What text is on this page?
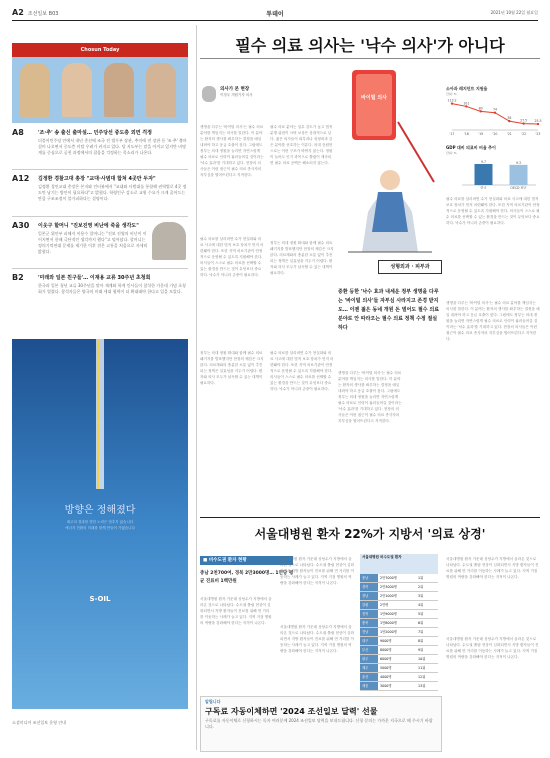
A2 조선일보 B03	투데이	2021년 10월 22일 월요일
Chosun Today
A8	'조·추' 송 출신 출마설… 민주당선 중도층 외면 걱정
더불어민주당 안에서 내년 총선에 조국 전 법무부 장관, 추미애 전 장관 등 '조·추' 출마설이 나오면서 중도층 이탈 우려가 커지고 있다. 당 지도부는 말을 아끼고 있지만 비명계를 중심으로 공천 과정에서의 잡음을 걱정하는 목소리가 나온다.
A12 김정환 경찰고대 총장 "교대·사범대 합쳐 4곳만 두자"
김정환 경인교대 총장은 본지와 인터뷰에서 "교대와 사범대를 통합해 권역별로 4곳 정도만 남기는 방안이 필요하다"고 밝혔다. 학령인구 감소로 교원 수요가 크게 줄어드는 만큼 구조조정이 불가피하다는 설명이다.
A30 이웃구 할머니 "진보진영 비난에 죽을 생각도"
일본군 위안부 피해자 이용수 할머니는 "진보 진영의 비난이 이어지면서 한때 극단적인 생각까지 했다"고 털어놨다. 할머니는 정의기억연대 문제를 제기한 이후 겪은 고통을 처음으로 자세히 밝혔다.
B2	'미래와 일본 친구들'… 이재용 교류 30주년 초청회
한국과 일본 청년 교류 30주년을 맞아 재계와 학계 인사들이 참석한 가운데 기념 초청회가 열렸다. 참석자들은 양국의 미래 세대 협력이 더 확대돼야 한다고 입을 모았다.
방향은 정해졌다
최고의 결과를 향한 노력은 멈추지 않습니다
에너지 전환의 미래를 함께 만들어 가겠습니다
S-OIL
소셜미디어 조선일보 운영 안내
필수 의료 의사는 '낙수 의사'가 아니다
의사가 본 현장
이정우 객원기자 의사
생명을 다루는 '바이털 의사'는 필수 의료 분야를 책임지는 의사를 말한다. 이 분야는 환자의 생사를 좌우하는 결정을 매일 내려야 하고 응급 호출이 잦다. 그럼에도 정부는 의대 정원을 늘리면 자연스럽게 필수 의료로 인력이 흘러들어갈 것이라는 '낙수 효과'를 기대하고 있다. 현장의 의사들은 이런 접근이 필수 의료 종사자의 자부심을 떨어뜨린다고 지적한다.
필수 의료 분야는 업무 강도가 높고 법적 분쟁 위험이 크며 보상은 상대적으로 낮다. 젊은 의사들이 피부과나 성형외과 같은 분야를 선호하는 이유다. 의대 증원만으로는 이런 구조가 바뀌지 않는다. 정원이 늘어도 인기 과목으로 쏠림이 계속되면 필수 의료 공백은 해소되지 않는다.
필수 의료를 살리려면 수가 현실화와 의료 사고에 대한 법적 보호 장치가 먼저 마련돼야 한다. 또한 지역 의료기관이 안정적으로 운영될 수 있도록 지원해야 한다. 의사들이 스스로 필수 의료를 선택할 수 있는 환경을 만드는 것이 무엇보다 중요하다. 낙수가 아니라 존중이 필요하다.
정부는 의대 정원 확대와 함께 필수 의료 패키지를 발표했지만 현장의 체감은 크지 않다. 의료계와의 충분한 소통 없이 추진되는 정책은 실효성을 거두기 어렵다. 환자와 의사 모두가 납득할 수 있는 대책이 필요하다.
정부는 의대 정원 확대와 함께 필수 의료 패키지를 발표했지만 현장의 체감은 크지 않다. 의료계와의 충분한 소통 없이 추진되는 정책은 실효성을 거두기 어렵다. 환자와 의사 모두가 납득할 수 있는 대책이 필요하다.
필수 의료를 살리려면 수가 현실화와 의료 사고에 대한 법적 보호 장치가 먼저 마련돼야 한다. 또한 지역 의료기관이 안정적으로 운영될 수 있도록 지원해야 한다. 의사들이 스스로 필수 의료를 선택할 수 있는 환경을 만드는 것이 무엇보다 중요하다. 낙수가 아니라 존중이 필요하다.
생명을 다루는 '바이털 의사'는 필수 의료 분야를 책임지는 의사를 말한다. 이 분야는 환자의 생사를 좌우하는 결정을 매일 내려야 하고 응급 호출이 잦다. 그럼에도 정부는 의대 정원을 늘리면 자연스럽게 필수 의료로 인력이 흘러들어갈 것이라는 '낙수 효과'를 기대하고 있다. 현장의 의사들은 이런 접근이 필수 의료 종사자의 자부심을 떨어뜨린다고 지적한다.
필수 의료를 살리려면 수가 현실화와 의료 사고에 대한 법적 보호 장치가 먼저 마련돼야 한다. 또한 지역 의료기관이 안정적으로 운영될 수 있도록 지원해야 한다. 의사들이 스스로 필수 의료를 선택할 수 있는 환경을 만드는 것이 무엇보다 중요하다. 낙수가 아니라 존중이 필요하다.
생명을 다루는 '바이털 의사'는 필수 의료 분야를 책임지는 의사를 말한다. 이 분야는 환자의 생사를 좌우하는 결정을 매일 내려야 하고 응급 호출이 잦다. 그럼에도 정부는 의대 정원을 늘리면 자연스럽게 필수 의료로 인력이 흘러들어갈 것이라는 '낙수 효과'를 기대하고 있다. 현장의 의사들은 이런 접근이 필수 의료 종사자의 자부심을 떨어뜨린다고 지적한다.
중환 등한 '낙수 효과 내세운 정부 생명을 다루는 '바이털 의사'들 자부심 사라지고 존경 받지도… 이젠 젊은 동네 개원 돈 벌어도 필수 의료 분야로 안 따라오는 필수 의료 정책 수정 절실하다
바이털 의사
성형외과 · 피부과
소아과 레지던트 지원율
단위: %
113.2
'17
101
'18
80
'19
74
'20
38
'21
27.5
'22
25.5
'23
GDP 대비 의료비 비율 추이
단위: %
9.7
한국
9.3
OECD 평균
서울대병원 환자 22%가 지방서 '의료 상경'
■ 비수도권 환자 현황
충남 2천700여, 경북 2만3000명… 1인당 평균 진료비 1백만원
서울대병원 환자 가운데 상당수가 지방에서 올라온 것으로 나타났다. 수도권 쏠림 현상이 심화되면서 지방 환자들이 진료를 위해 먼 거리를 이동하는 사례가 늘고 있다. 지역 거점 병원의 역량을 강화해야 한다는 지적이 나온다.
서울대병원 환자 가운데 상당수가 지방에서 올라온 것으로 나타났다. 수도권 쏠림 현상이 심화되면서 지방 환자들이 진료를 위해 먼 거리를 이동하는 사례가 늘고 있다. 지역 거점 병원의 역량을 강화해야 한다는 지적이 나온다.
서울대병원 환자 가운데 상당수가 지방에서 올라온 것으로 나타났다. 수도권 쏠림 현상이 심화되면서 지방 환자들이 진료를 위해 먼 거리를 이동하는 사례가 늘고 있다. 지역 거점 병원의 역량을 강화해야 한다는 지적이 나온다.
서울대병원 환자 가운데 상당수가 지방에서 올라온 것으로 나타났다. 수도권 쏠림 현상이 심화되면서 지방 환자들이 진료를 위해 먼 거리를 이동하는 사례가 늘고 있다. 지역 거점 병원의 역량을 강화해야 한다는 지적이 나온다.
서울대병원 환자 가운데 상당수가 지방에서 올라온 것으로 나타났다. 수도권 쏠림 현상이 심화되면서 지방 환자들이 진료를 위해 먼 거리를 이동하는 사례가 늘고 있다. 지역 거점 병원의 역량을 강화해야 한다는 지적이 나온다.
서울대병원 비수도권 환자
충남	2만7000명	1위
경북	2만3000명	2위
경남	2만1000명	3위
강원	2만명	4위
전북	1만9000명	5위
충북	1만8000명	6위
전남	1만2000명	7위
대구	9000명	8위
부산	8000명	9위
광주	6000명	10위
제주	5000명	11위
울산	4000명	12위
세종	3000명	13위
알립니다
구독료 자동이체하면 '2024 조선일보 달력' 선물
구독료를 자동이체로 신청하시는 독자 여러분께 2024 조선일보 달력을 보내드립니다. 신청 문의는 가까운 지국으로 해 주시기 바랍니다.
